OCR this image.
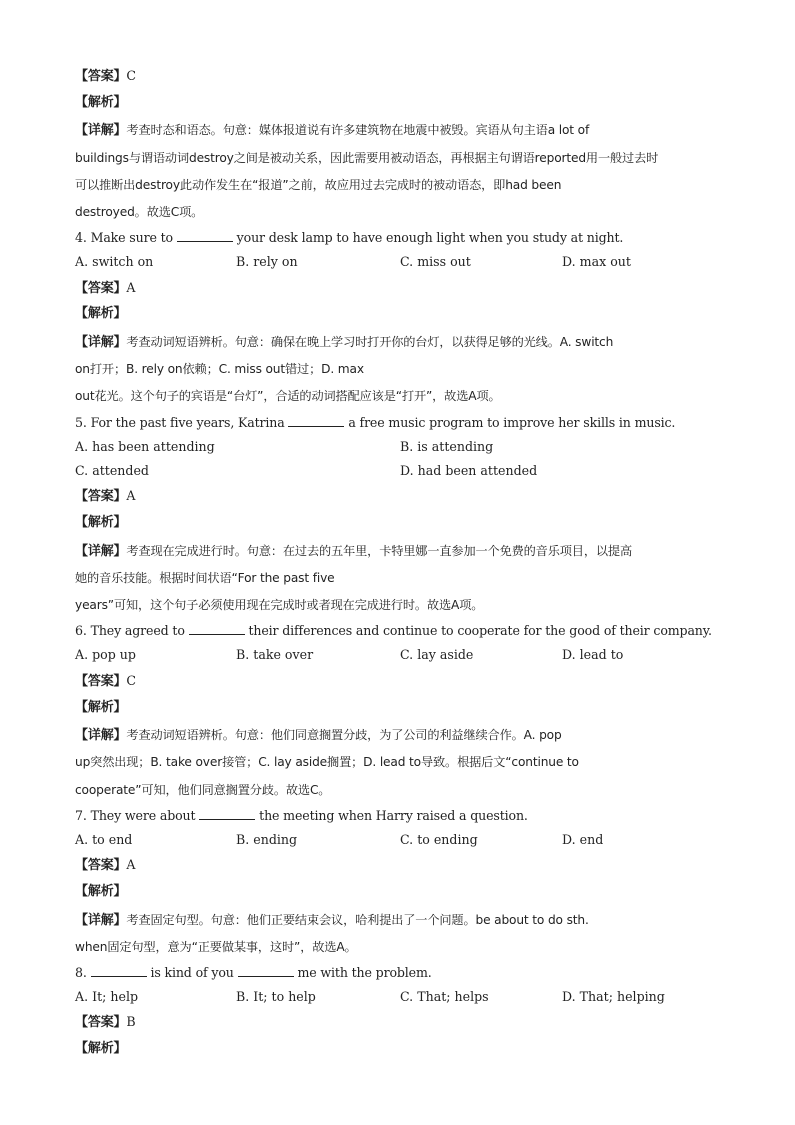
【答案】C
【解析】
【详解】考查时态和语态。句意：媒体报道说有许多建筑物在地震中被毁。宾语从句主语a lot of
buildings与谓语动词destroy之间是被动关系，因此需要用被动语态，再根据主句谓语reported用一般过去时
可以推断出destroy此动作发生在“报道”之前，故应用过去完成时的被动语态，即had been
destroyed。故选C项。
4. Make sure to	your desk lamp to have enough light when you study at night.
A. switch on	B. rely on	C. miss out	D. max out
【答案】A
【解析】
【详解】考查动词短语辨析。句意：确保在晚上学习时打开你的台灯，以获得足够的光线。A. switch
on打开；B. rely on依赖；C. miss out错过；D. max
out花光。这个句子的宾语是“台灯”，合适的动词搭配应该是“打开”，故选A项。
5. For the past five years, Katrina	a free music program to improve her skills in music.
A. has been attending	B. is attending
C. attended	D. had been attended
【答案】A
【解析】
【详解】考查现在完成进行时。句意：在过去的五年里，卡特里娜一直参加一个免费的音乐项目，以提高
她的音乐技能。根据时间状语“For the past five
years”可知，这个句子必须使用现在完成时或者现在完成进行时。故选A项。
6. They agreed to	their differences and continue to cooperate for the good of their company.
A. pop up	B. take over	C. lay aside	D. lead to
【答案】C
【解析】
【详解】考查动词短语辨析。句意：他们同意搁置分歧，为了公司的利益继续合作。A. pop
up突然出现；B. take over接管；C. lay aside搁置；D. lead to导致。根据后文“continue to
cooperate”可知，他们同意搁置分歧。故选C。
7. They were about	the meeting when Harry raised a question.
A. to end	B. ending	C. to ending	D. end
【答案】A
【解析】
【详解】考查固定句型。句意：他们正要结束会议，哈利提出了一个问题。be about to do sth.
when固定句型，意为“正要做某事，这时”，故选A。
8.	is kind of you	me with the problem.
A. It; help	B. It; to help	C. That; helps	D. That; helping
【答案】B
【解析】
